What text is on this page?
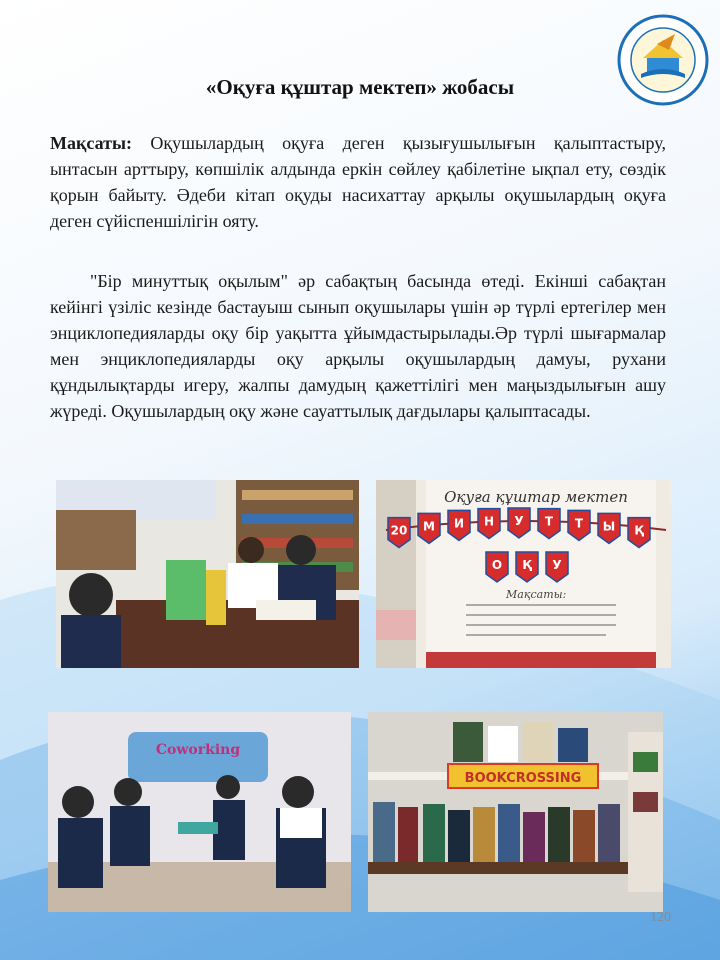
«Оқуға құштар мектеп» жобасы

Мақсаты: Оқушылардың оқуға деген қызығушылығын қалыптастыру, ынтасын арттыру, көпшілік алдында еркін сөйлеу қабілетіне ықпал ету, сөздік қорын байыту. Әдеби кітап оқуды насихаттау арқылы оқушылардың оқуға деген сүйіспеншілігін ояту.

"Бір минуттық оқылым" әр сабақтың басында өтеді. Екінші сабақтан кейінгі үзіліс кезінде бастауыш сынып оқушылары үшін әр түрлі ертегілер мен энциклопедияларды оқу бір уақытта ұйымдастырылады.Әр түрлі шығармалар мен энциклопедияларды оқу арқылы оқушылардың дамуы, рухани құндылықтарды игеру, жалпы дамудың қажеттілігі мен маңыздылығын ашу жүреді. Оқушылардың оқу және сауаттылық дағдылары қалыптасады.

Оқуға құштар мектеп
20 М И Н У Т Т Ы Қ
О Қ У
Мақсаты:
Coworking
BOOKCROSSING
120
